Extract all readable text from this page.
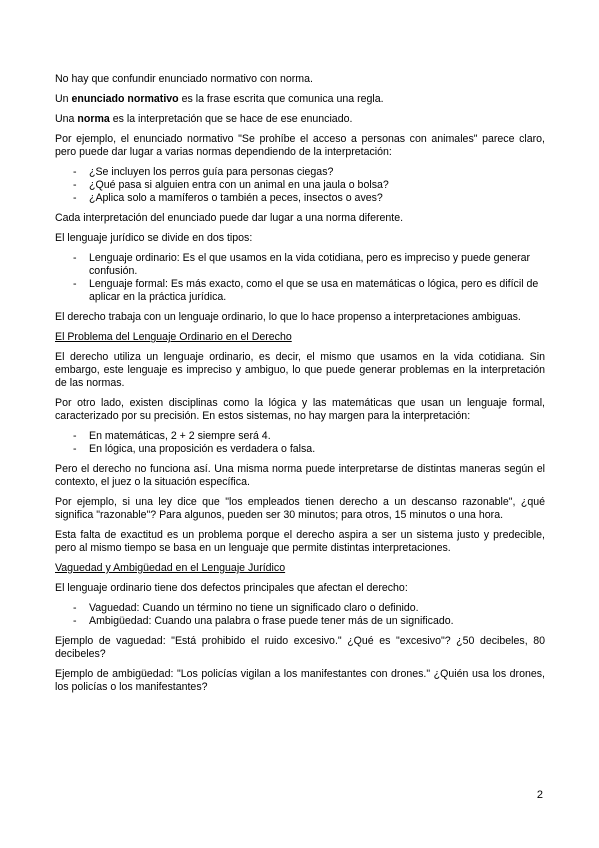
No hay que confundir enunciado normativo con norma.

Un enunciado normativo es la frase escrita que comunica una regla.

Una norma es la interpretación que se hace de ese enunciado.

Por ejemplo, el enunciado normativo "Se prohíbe el acceso a personas con animales" parece claro, pero puede dar lugar a varias normas dependiendo de la interpretación:

- ¿Se incluyen los perros guía para personas ciegas?
- ¿Qué pasa si alguien entra con un animal en una jaula o bolsa?
- ¿Aplica solo a mamíferos o también a peces, insectos o aves?

Cada interpretación del enunciado puede dar lugar a una norma diferente.

El lenguaje jurídico se divide en dos tipos:

- Lenguaje ordinario: Es el que usamos en la vida cotidiana, pero es impreciso y puede generar confusión.
- Lenguaje formal: Es más exacto, como el que se usa en matemáticas o lógica, pero es difícil de aplicar en la práctica jurídica.

El derecho trabaja con un lenguaje ordinario, lo que lo hace propenso a interpretaciones ambiguas.

El Problema del Lenguaje Ordinario en el Derecho

El derecho utiliza un lenguaje ordinario, es decir, el mismo que usamos en la vida cotidiana. Sin embargo, este lenguaje es impreciso y ambiguo, lo que puede generar problemas en la interpretación de las normas.

Por otro lado, existen disciplinas como la lógica y las matemáticas que usan un lenguaje formal, caracterizado por su precisión. En estos sistemas, no hay margen para la interpretación:

- En matemáticas, 2 + 2 siempre será 4.
- En lógica, una proposición es verdadera o falsa.

Pero el derecho no funciona así. Una misma norma puede interpretarse de distintas maneras según el contexto, el juez o la situación específica.

Por ejemplo, si una ley dice que "los empleados tienen derecho a un descanso razonable", ¿qué significa "razonable"? Para algunos, pueden ser 30 minutos; para otros, 15 minutos o una hora.

Esta falta de exactitud es un problema porque el derecho aspira a ser un sistema justo y predecible, pero al mismo tiempo se basa en un lenguaje que permite distintas interpretaciones.

Vaguedad y Ambigüedad en el Lenguaje Jurídico

El lenguaje ordinario tiene dos defectos principales que afectan el derecho:

- Vaguedad: Cuando un término no tiene un significado claro o definido.
- Ambigüedad: Cuando una palabra o frase puede tener más de un significado.

Ejemplo de vaguedad: "Está prohibido el ruido excesivo." ¿Qué es "excesivo"? ¿50 decibeles, 80 decibeles?

Ejemplo de ambigüedad: "Los policías vigilan a los manifestantes con drones." ¿Quién usa los drones, los policías o los manifestantes?

2
